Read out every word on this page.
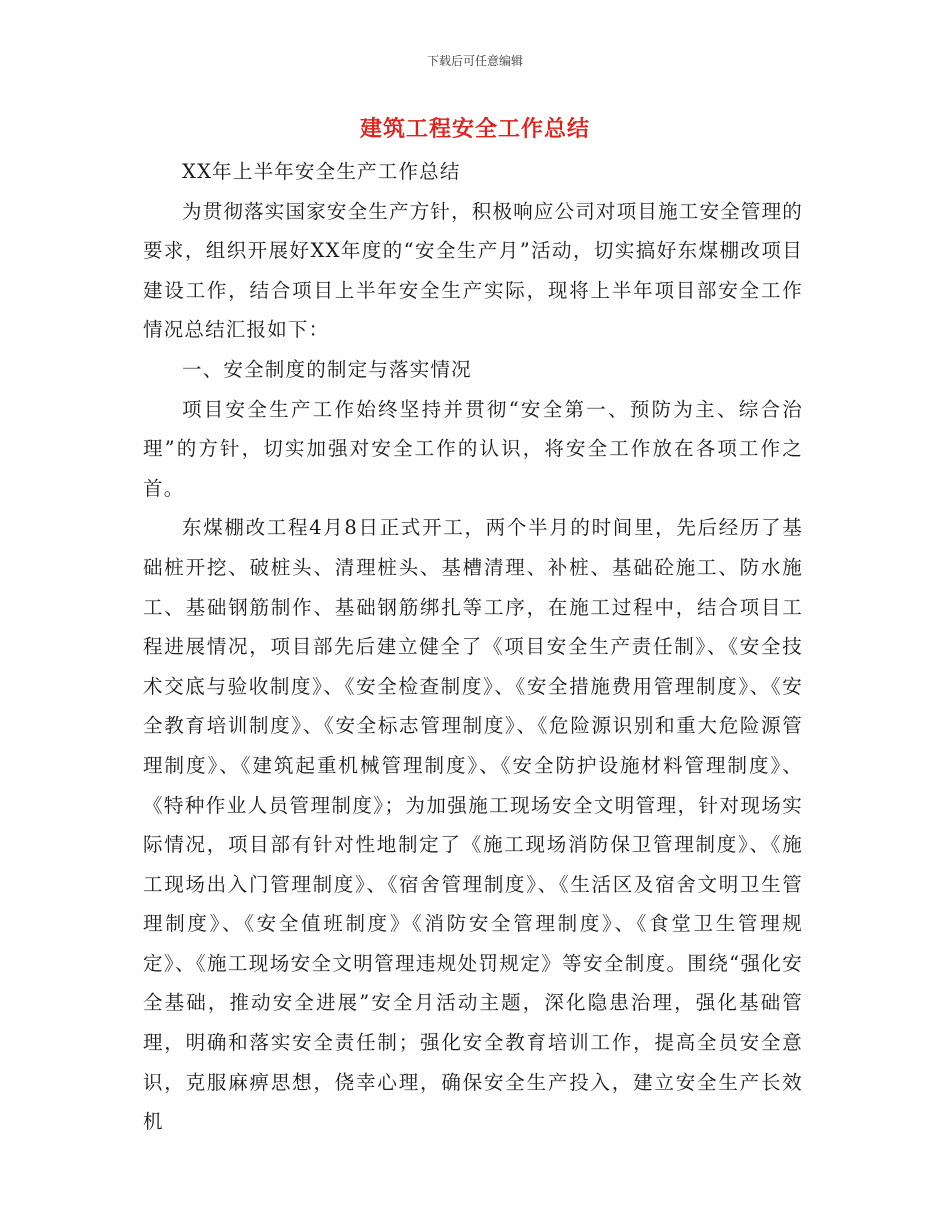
下载后可任意编辑
建筑工程安全工作总结

XX年上半年安全生产工作总结

为贯彻落实国家安全生产方针，积极响应公司对项目施工安全管理的要求，组织开展好XX年度的“安全生产月”活动，切实搞好东煤棚改项目建设工作，结合项目上半年安全生产实际，现将上半年项目部安全工作情况总结汇报如下：

一、安全制度的制定与落实情况

项目安全生产工作始终坚持并贯彻“安全第一、预防为主、综合治理”的方针，切实加强对安全工作的认识，将安全工作放在各项工作之首。

东煤棚改工程4月8日正式开工，两个半月的时间里，先后经历了基础桩开挖、破桩头、清理桩头、基槽清理、补桩、基础砼施工、防水施工、基础钢筋制作、基础钢筋绑扎等工序，在施工过程中，结合项目工程进展情况，项目部先后建立健全了《项目安全生产责任制》、《安全技术交底与验收制度》、《安全检查制度》、《安全措施费用管理制度》、《安全教育培训制度》、《安全标志管理制度》、《危险源识别和重大危险源管理制度》、《建筑起重机械管理制度》、《安全防护设施材料管理制度》、《特种作业人员管理制度》；为加强施工现场安全文明管理，针对现场实际情况，项目部有针对性地制定了《施工现场消防保卫管理制度》、《施工现场出入门管理制度》、《宿舍管理制度》、《生活区及宿舍文明卫生管理制度》、《安全值班制度》《消防安全管理制度》、《食堂卫生管理规定》、《施工现场安全文明管理违规处罚规定》等安全制度。围绕“强化安全基础，推动安全进展”安全月活动主题，深化隐患治理，强化基础管理，明确和落实安全责任制；强化安全教育培训工作，提高全员安全意识，克服麻痹思想，侥幸心理，确保安全生产投入，建立安全生产长效机
